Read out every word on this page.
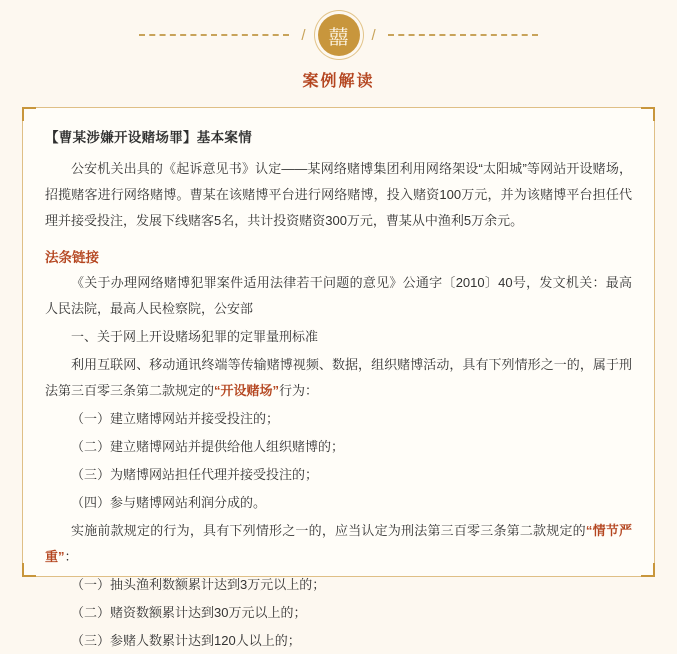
/	囍	/
案例解读
【曹某涉嫌开设赌场罪】基本案情

公安机关出具的《起诉意见书》认定——某网络赌博集团利用网络架设“太阳城”等网站开设赌场，招揽赌客进行网络赌博。曹某在该赌博平台进行网络赌博，投入赌资100万元，并为该赌博平台担任代理并接受投注，发展下线赌客5名，共计投资赌资300万元，曹某从中渔利5万余元。

法条链接

《关于办理网络赌博犯罪案件适用法律若干问题的意见》公通字〔2010〕40号，发文机关：最高人民法院，最高人民检察院，公安部

一、关于网上开设赌场犯罪的定罪量刑标准

利用互联网、移动通讯终端等传输赌博视频、数据，组织赌博活动，具有下列情形之一的，属于刑法第三百零三条第二款规定的“开设赌场”行为：

（一）建立赌博网站并接受投注的；

（二）建立赌博网站并提供给他人组织赌博的；

（三）为赌博网站担任代理并接受投注的；

（四）参与赌博网站利润分成的。

实施前款规定的行为，具有下列情形之一的，应当认定为刑法第三百零三条第二款规定的“情节严重”：

（一）抽头渔利数额累计达到3万元以上的；

（二）赌资数额累计达到30万元以上的；

（三）参赌人数累计达到120人以上的；
